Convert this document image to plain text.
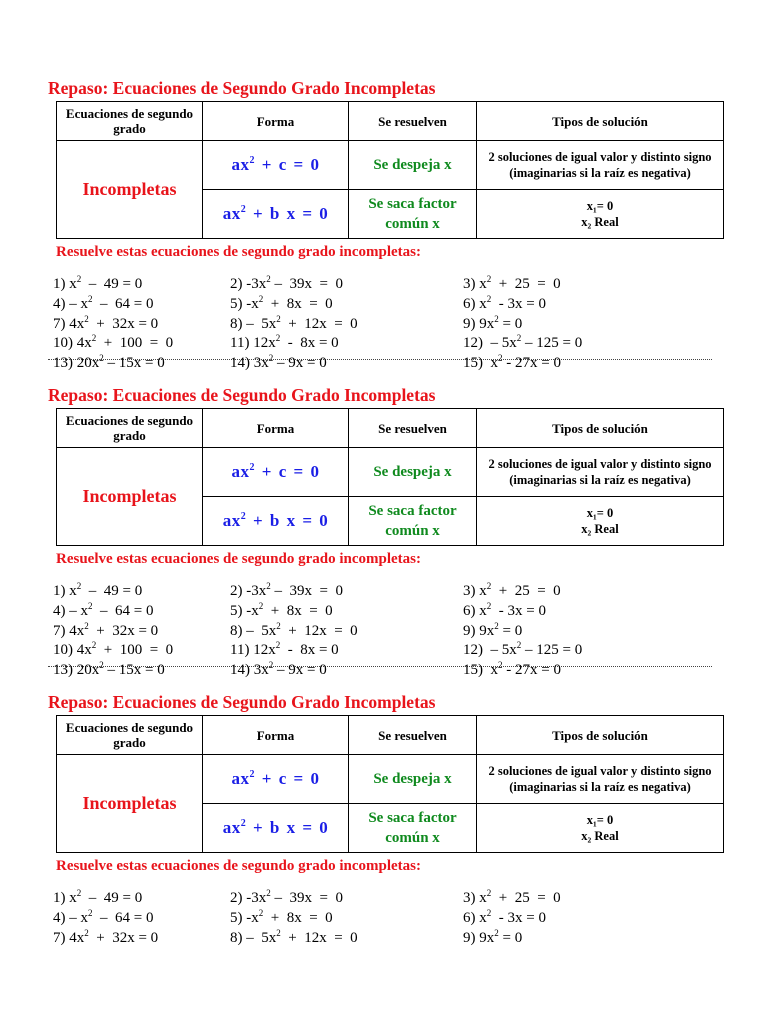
Repaso: Ecuaciones de Segundo Grado Incompletas
Ecuaciones de segundo grado	Forma	Se resuelven	Tipos de solución
Incompletas	$ax^2 + c = 0$	Se despeja x	2 soluciones de igual valor y distinto signo (imaginarias si la raíz es negativa)
	$ax^2 + b$ x = 0	Se saca factor común x	x₁= 0
x₂ Real
Resuelve estas ecuaciones de segundo grado incompletas:
1) $x^2 - 49 = 0$	2) $-3x^2 - 39x = 0$	3) $x^2 + 25 = 0$
$4) - x^2 - 64 = 0$	5) $-x^2 + 8x = 0$	6) $x^2 - 3x = 0$
7) $4x^2 + 32x = 0$	$8) - 5x^2 + 12x = 0$	9) $9x^2 = 0$
10) $4x^2 + 100 = 0$	11) $12x^2 - 8x = 0$	$12) - 5x^2 - 125 = 0$
13) $20x^2 - 15x = 0$	14) $3x^2 - 9x = 0$	15)  $x^2 - 27x = 0$
Repaso: Ecuaciones de Segundo Grado Incompletas
Ecuaciones de segundo grado	Forma	Se resuelven	Tipos de solución
Incompletas	$ax^2 + c = 0$	Se despeja x	2 soluciones de igual valor y distinto signo (imaginarias si la raíz es negativa)
	$ax^2 + b$ x = 0	Se saca factor común x	x₁= 0
x₂ Real
Resuelve estas ecuaciones de segundo grado incompletas:
1) $x^2 - 49 = 0$	2) $-3x^2 - 39x = 0$	3) $x^2 + 25 = 0$
$4) - x^2 - 64 = 0$	5) $-x^2 + 8x = 0$	6) $x^2 - 3x = 0$
7) $4x^2 + 32x = 0$	$8) - 5x^2 + 12x = 0$	9) $9x^2 = 0$
10) $4x^2 + 100 = 0$	11) $12x^2 - 8x = 0$	$12) - 5x^2 - 125 = 0$
13) $20x^2 - 15x = 0$	14) $3x^2 - 9x = 0$	15)  $x^2 - 27x = 0$
Repaso: Ecuaciones de Segundo Grado Incompletas
Ecuaciones de segundo grado	Forma	Se resuelven	Tipos de solución
Incompletas	$ax^2 + c = 0$	Se despeja x	2 soluciones de igual valor y distinto signo (imaginarias si la raíz es negativa)
	$ax^2 + b$ x = 0	Se saca factor común x	x₁= 0
x₂ Real
Resuelve estas ecuaciones de segundo grado incompletas:
1) $x^2 - 49 = 0$	2) $-3x^2 - 39x = 0$	3) $x^2 + 25 = 0$
$4) - x^2 - 64 = 0$	5) $-x^2 + 8x = 0$	6) $x^2 - 3x = 0$
7) $4x^2 + 32x = 0$	$8) - 5x^2 + 12x = 0$	9) $9x^2 = 0$
